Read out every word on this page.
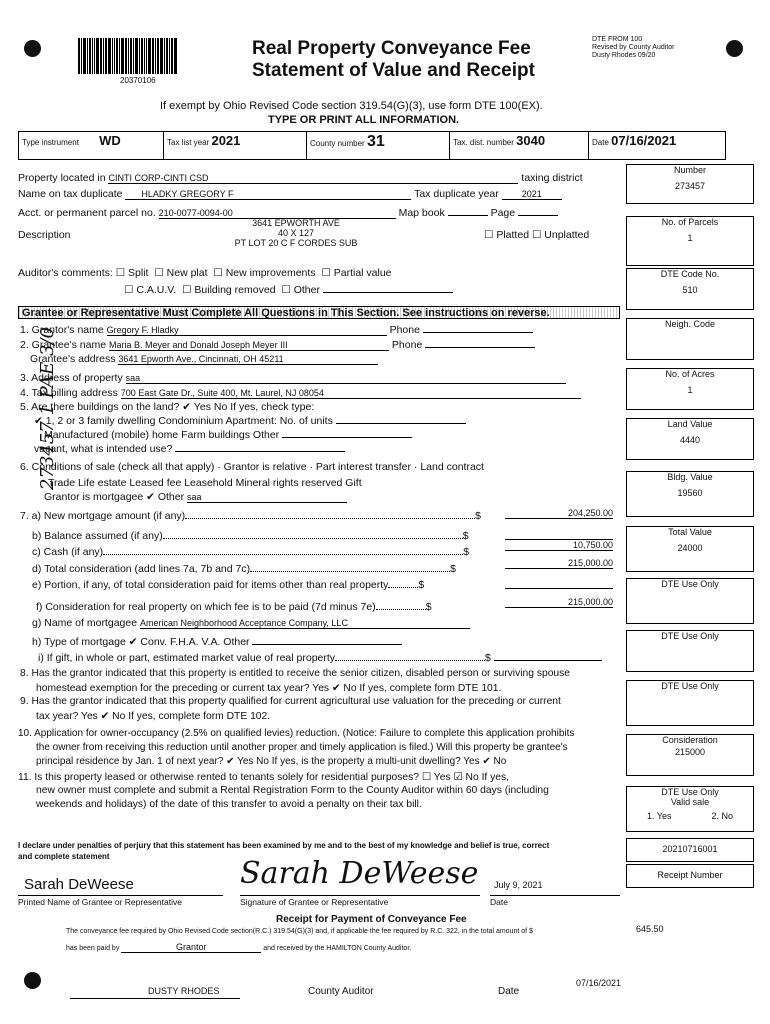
20370106
Real Property Conveyance Fee
Statement of Value and Receipt
DTE FROM 100
Revised by County Auditor
Dusty Rhodes 09/20
If exempt by Ohio Revised Code section 319.54(G)(3), use form DTE 100(EX).
TYPE OR PRINT ALL INFORMATION.
Type instrument WD	Tax list year 2021	County number 31	Tax. dist. number 3040	Date 07/16/2021
Property located in CINTI CORP-CINTI CSD	taxing district
Name on tax duplicate HLADKY GREGORY F	Tax duplicate year	2021
Acct. or permanent parcel no. 210-0077-0094-00	Map book	Page
Description
3641 EPWORTH AVE
40 X 127
PT LOT 20 C F CORDES SUB
☐ Platted ☐ Unplatted
Auditor's comments: ☐ Split  ☐ New plat  ☐ New improvements  ☐ Partial value
☐ C.A.U.V.  ☐ Building removed  ☐ Other
Grantee or Representative Must Complete All Questions in This Section. See instructions on reverse.
273457 1 PAE 3/0
1. Grantor's name Gregory F. Hladky	Phone
2. Grantee's name Maria B. Meyer and Donald Joseph Meyer III	Phone
Grantee's address 3641 Epworth Ave., Cincinnati, OH 45211
3. Address of property saa
4. Tax billing address 700 East Gate Dr., Suite 400, Mt. Laurel, NJ 08054
5. Are there buildings on the land? ✔ Yes No If yes, check type:
✔ 1, 2 or 3 family dwelling Condominium Apartment: No. of units
Manufactured (mobile) home Farm buildings Other
vacant, what is intended use?
6. Conditions of sale (check all that apply) · Grantor is relative · Part interest transfer · Land contract
Trade Life estate Leased fee Leasehold Mineral rights reserved Gift
Grantor is mortgagee ✔ Other saa
7. a) New mortgage amount (if any)	$	204,250.00
b) Balance assumed (if any)	$
c) Cash (if any)	$
10,750.00
d) Total consideration (add lines 7a, 7b and 7c)	$	215,000.00
e) Portion, if any, of total consideration paid for items other than real property	$
f) Consideration for real property on which fee is to be paid (7d minus 7e)	$	215,000.00
g) Name of mortgagee American Neighborhood Acceptance Company, LLC
h) Type of mortgage ✔ Conv. F.H.A. V.A. Other
i) If gift, in whole or part, estimated market value of real property	$
8. Has the grantor indicated that this property is entitled to receive the senior citizen, disabled person or surviving spouse
homestead exemption for the preceding or current tax year? Yes ✔ No If yes, complete form DTE 101.
9. Has the grantor indicated that this property qualified for current agricultural use valuation for the preceding or current
tax year? Yes ✔ No If yes, complete form DTE 102.
10. Application for owner-occupancy (2.5% on qualified levies) reduction. (Notice: Failure to complete this application prohibits
the owner from receiving this reduction until another proper and timely application is filed.) Will this property be grantee's
principal residence by Jan. 1 of next year? ✔ Yes No If yes, is the property a multi-unit dwelling? Yes ✔ No
11. Is this property leased or otherwise rented to tenants solely for residential purposes? ☐ Yes ☑ No If yes,
new owner must complete and submit a Rental Registration Form to the County Auditor within 60 days (including
weekends and holidays) of the date of this transfer to avoid a penalty on their tax bill.
I declare under penalties of perjury that this statement has been examined by me and to the best of my knowledge and belief is true, correct
and complete statement
Sarah DeWeese	Sarah DeWeese July 9, 2021
Printed Name of Grantee or Representative	Signature of Grantee or Representative	Date
Receipt for Payment of Conveyance Fee
The conveyance fee required by Ohio Revised Code section(R.C.) 319.54(G)(3) and, if applicable the fee required by R.C. 322, in the total amount of $	645.50
has been paid by	Grantor	and received by the HAMILTON County Auditor.
DUSTY RHODES	County Auditor	Date
07/16/2021
Number
273457
No. of Parcels
1
DTE Code No.
510
Neigh. Code
No. of Acres
1
Land Value
4440
Bldg. Value
19560
Total Value
24000
DTE Use Only
DTE Use Only
DTE Use Only
Consideration
215000
DTE Use Only
Valid sale
1. Yes	2. No
20210716001
Receipt Number
